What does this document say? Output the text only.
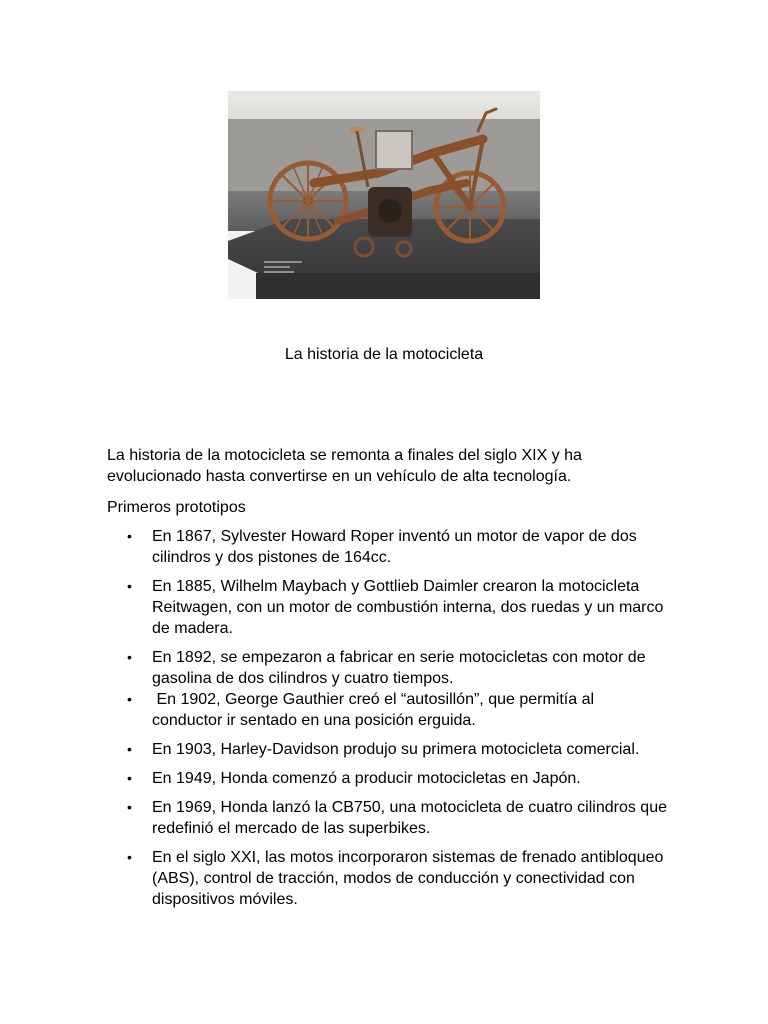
La historia de la motocicleta

La historia de la motocicleta se remonta a finales del siglo XIX y ha evolucionado hasta convertirse en un vehículo de alta tecnología.

Primeros prototipos

• En 1867, Sylvester Howard Roper inventó un motor de vapor de dos cilindros y dos pistones de 164cc.
• En 1885, Wilhelm Maybach y Gottlieb Daimler crearon la motocicleta Reitwagen, con un motor de combustión interna, dos ruedas y un marco de madera.
• En 1892, se empezaron a fabricar en serie motocicletas con motor de gasolina de dos cilindros y cuatro tiempos.
• En 1902, George Gauthier creó el “autosillón”, que permitía al conductor ir sentado en una posición erguida.
• En 1903, Harley-Davidson produjo su primera motocicleta comercial.
• En 1949, Honda comenzó a producir motocicletas en Japón.
• En 1969, Honda lanzó la CB750, una motocicleta de cuatro cilindros que redefinió el mercado de las superbikes.
• En el siglo XXI, las motos incorporaron sistemas de frenado antibloqueo (ABS), control de tracción, modos de conducción y conectividad con dispositivos móviles.
